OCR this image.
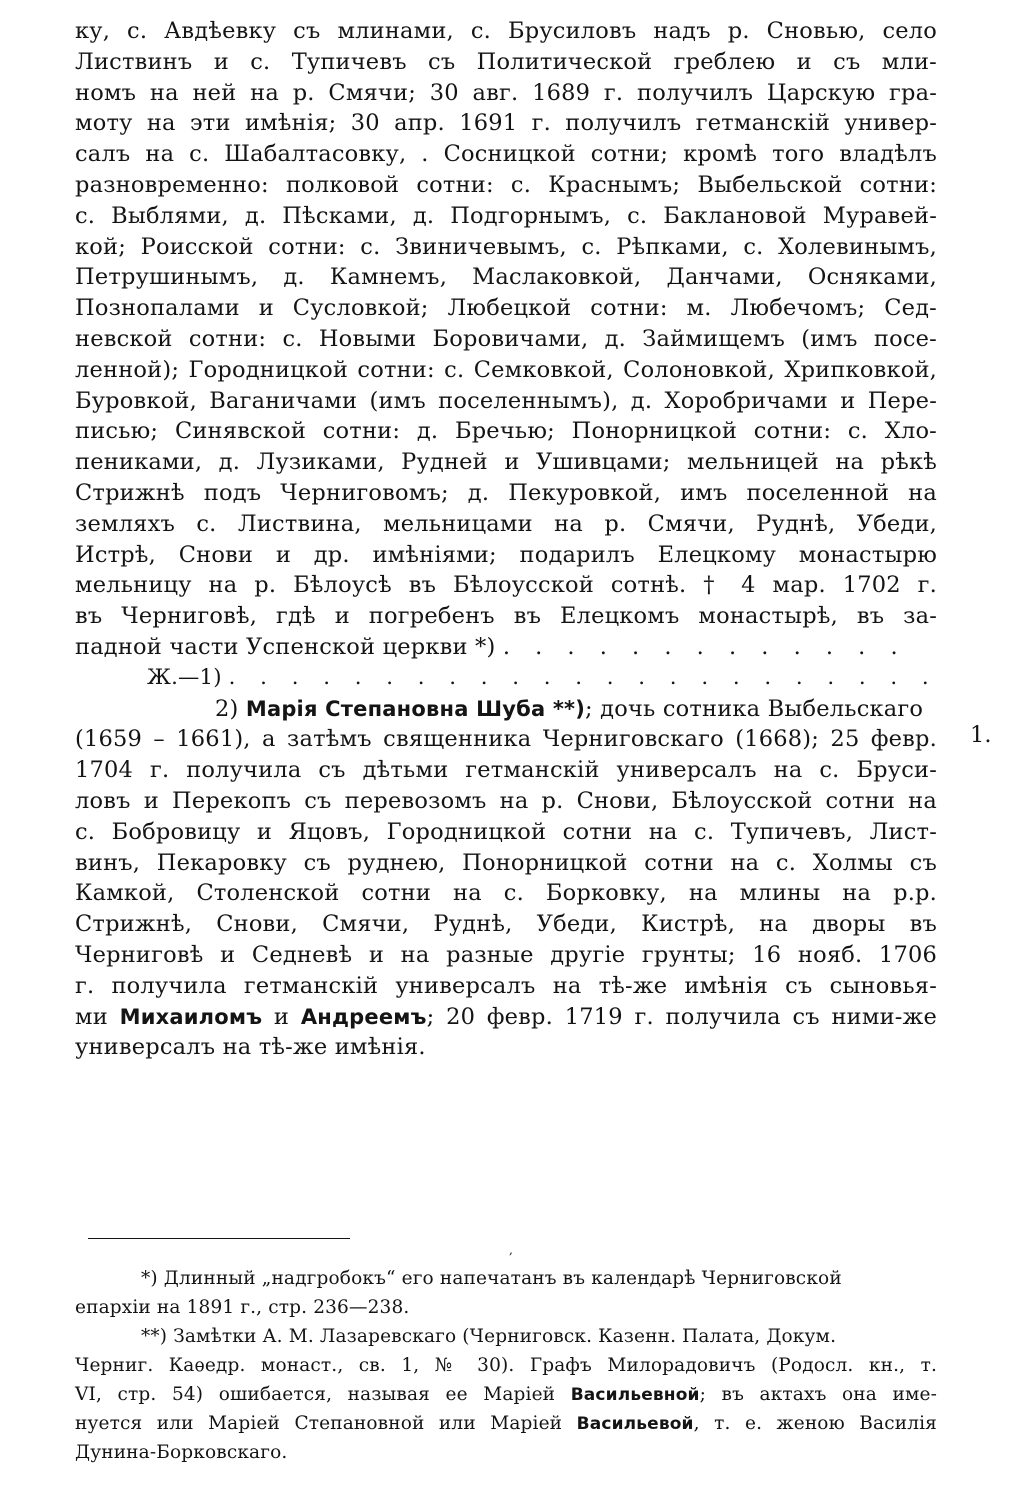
ку, с. Авдѣевку съ млинами, с. Брусиловъ надъ р. Сновью, село
Листвинъ и с. Тупичевъ съ Политической греблею и съ мли-
номъ на ней на р. Смячи; 30 авг. 1689 г. получилъ Царскую гра-
моту на эти имѣнія; 30 апр. 1691 г. получилъ гетманскій универ-
салъ на с. Шабалтасовку, . Сосницкой сотни; кромѣ того владѣлъ
разновременно: полковой сотни: с. Краснымъ; Выбельской сотни:
с. Выблями, д. Пѣсками, д. Подгорнымъ, с. Баклановой Муравей-
кой; Роисской сотни: с. Звиничевымъ, с. Рѣпками, с. Холевинымъ,
Петрушинымъ, д. Камнемъ, Маслаковкой, Данчами, Осняками,
Познопалами и Сусловкой; Любецкой сотни: м. Любечомъ; Сед-
невской сотни: с. Новыми Боровичами, д. Займищемъ (имъ посе-
ленной); Городницкой сотни: с. Семковкой, Солоновкой, Хрипковкой,
Буровкой, Ваганичами (имъ поселеннымъ), д. Хоробричами и Пере-
писью; Синявской сотни: д. Бречью; Понорницкой сотни: с. Хло-
пениками, д. Лузиками, Рудней и Ушивцами; мельницей на рѣкѣ
Стрижнѣ подъ Черниговомъ; д. Пекуровкой, имъ поселенной на
земляхъ с. Листвина, мельницами на р. Смячи, Руднѣ, Убеди,
Истрѣ, Снови и др. имѣніями; подарилъ Елецкому монастырю
мельницу на р. Бѣлоусѣ въ Бѣлоусской сотнѣ. † 4 мар. 1702 г.
въ Черниговѣ, гдѣ и погребенъ въ Елецкомъ монастырѣ, въ за-
падной части Успенской церкви *) . . . . . . . . . . . . .
Ж.—1) . . . . . . . . . . . . . . . . . . . . . . .
2) Марія Степановна Шуба **); дочь сотника Выбельскаго
(1659 – 1661), а затѣмъ священника Черниговскаго (1668); 25 февр.
1704 г. получила съ дѣтьми гетманскій универсалъ на с. Бруси-
ловъ и Перекопъ съ перевозомъ на р. Снови, Бѣлоусской сотни на
с. Бобровицу и Яцовъ, Городницкой сотни на с. Тупичевъ, Лист-
винъ, Пекаровку съ руднею, Понорницкой сотни на с. Холмы съ
Камкой, Столенской сотни на с. Борковку, на млины на р.р.
Стрижнѣ, Снови, Смячи, Руднѣ, Убеди, Кистрѣ, на дворы въ
Черниговѣ и Седневѣ и на разные другіе грунты; 16 нояб. 1706
г. получила гетманскій универсалъ на тѣ-же имѣнія съ сыновья-
ми Михаиломъ и Андреемъ; 20 февр. 1719 г. получила съ ними-же
универсалъ на тѣ-же имѣнія.
1.
,
*) Длинный „надгробокъ“ его напечатанъ въ календарѣ Черниговской
епархіи на 1891 г., стр. 236—238.
**) Замѣтки А. М. Лазаревскаго (Черниговск. Казенн. Палата, Докум.
Черниг. Каѳедр. монаст., св. 1, № 30). Графъ Милорадовичъ (Родосл. кн., т.
VI, стр. 54) ошибается, называя ее Маріей Васильевной; въ актахъ она име-
нуется или Маріей Степановной или Маріей Васильевой, т. е. женою Василія
Дунина-Борковскаго.
